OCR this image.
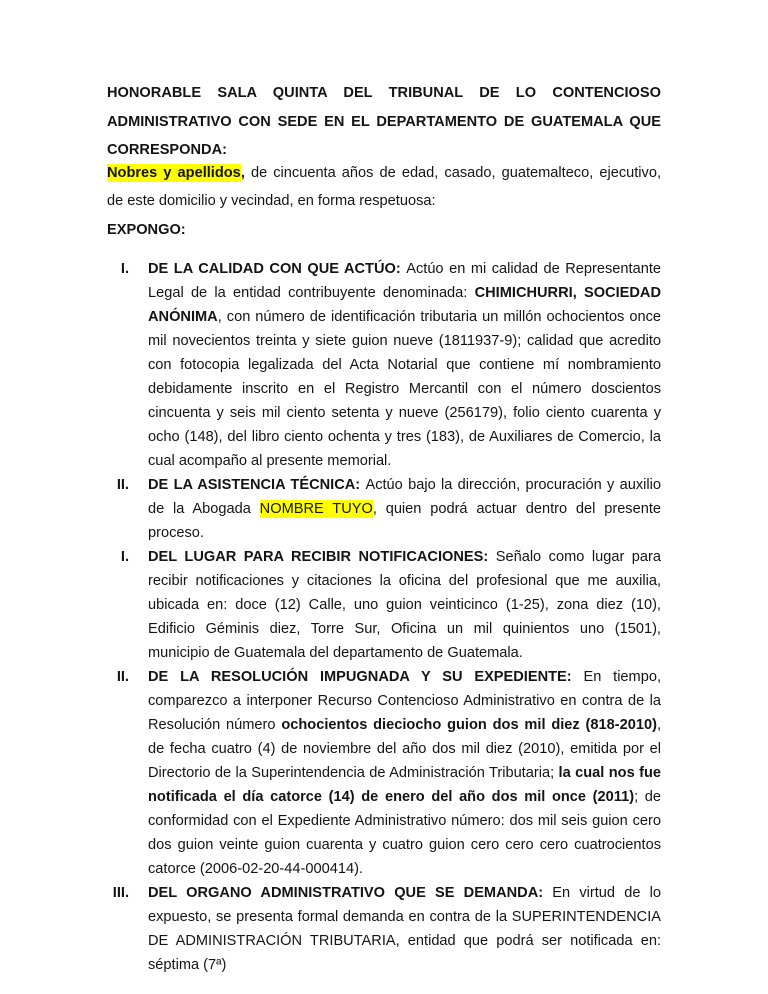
HONORABLE SALA QUINTA DEL TRIBUNAL DE LO CONTENCIOSO ADMINISTRATIVO CON SEDE EN EL DEPARTAMENTO DE GUATEMALA QUE CORRESPONDA:

Nobres y apellidos, de cincuenta años de edad, casado, guatemalteco, ejecutivo, de este domicilio y vecindad, en forma respetuosa:

EXPONGO:

I.	DE LA CALIDAD CON QUE ACTÚO: Actúo en mi calidad de Representante Legal de la entidad contribuyente denominada: CHIMICHURRI, SOCIEDAD ANÓNIMA, con número de identificación tributaria un millón ochocientos once mil novecientos treinta y siete guion nueve (1811937-9); calidad que acredito con fotocopia legalizada del Acta Notarial que contiene mí nombramiento debidamente inscrito en el Registro Mercantil con el número doscientos cincuenta y seis mil ciento setenta y nueve (256179), folio ciento cuarenta y ocho (148), del libro ciento ochenta y tres (183), de Auxiliares de Comercio, la cual acompaño al presente memorial.
II.	DE LA ASISTENCIA TÉCNICA: Actúo bajo la dirección, procuración y auxilio de la Abogada NOMBRE TUYO, quien podrá actuar dentro del presente proceso.
I.	DEL LUGAR PARA RECIBIR NOTIFICACIONES: Señalo como lugar para recibir notificaciones y citaciones la oficina del profesional que me auxilia, ubicada en: doce (12) Calle, uno guion veinticinco (1-25), zona diez (10), Edificio Géminis diez, Torre Sur, Oficina un mil quinientos uno (1501), municipio de Guatemala del departamento de Guatemala.
II.	DE LA RESOLUCIÓN IMPUGNADA Y SU EXPEDIENTE: En tiempo, comparezco a interponer Recurso Contencioso Administrativo en contra de la Resolución número ochocientos dieciocho guion dos mil diez (818-2010), de fecha cuatro (4) de noviembre del año dos mil diez (2010), emitida por el Directorio de la Superintendencia de Administración Tributaria; la cual nos fue notificada el día catorce (14) de enero del año dos mil once (2011); de conformidad con el Expediente Administrativo número: dos mil seis guion cero dos guion veinte guion cuarenta y cuatro guion cero cero cero cuatrocientos catorce (2006-02-20-44-000414).
III.	DEL ORGANO ADMINISTRATIVO QUE SE DEMANDA: En virtud de lo expuesto, se presenta formal demanda en contra de la SUPERINTENDENCIA DE ADMINISTRACIÓN TRIBUTARIA, entidad que podrá ser notificada en: séptima (7ª)
